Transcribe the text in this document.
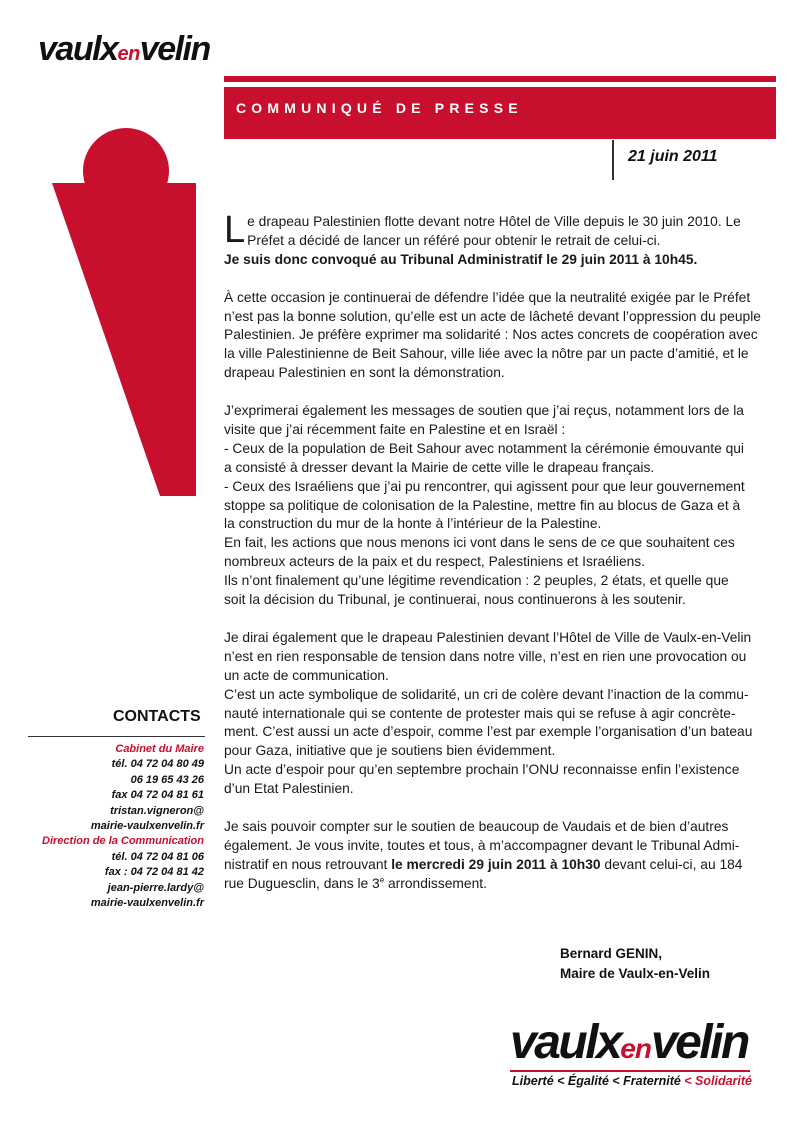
vaulxenvelin
COMMUNIQUÉ DE PRESSE
21 juin 2011

L e drapeau Palestinien flotte devant notre Hôtel de Ville depuis le 30 juin 2010. Le
Préfet a décidé de lancer un référé pour obtenir le retrait de celui-ci.
Je suis donc convoqué au Tribunal Administratif le 29 juin 2011 à 10h45.

À cette occasion je continuerai de défendre l’idée que la neutralité exigée par le Préfet
n’est pas la bonne solution, qu’elle est un acte de lâcheté devant l’oppression du peuple
Palestinien. Je préfère exprimer ma solidarité : Nos actes concrets de coopération avec
la ville Palestinienne de Beit Sahour, ville liée avec la nôtre par un pacte d’amitié, et le
drapeau Palestinien en sont la démonstration.

J’exprimerai également les messages de soutien que j’ai reçus, notamment lors de la
visite que j’ai récemment faite en Palestine et en Israël :
- Ceux de la population de Beit Sahour avec notamment la cérémonie émouvante qui
a consisté à dresser devant la Mairie de cette ville le drapeau français.
- Ceux des Israéliens que j’ai pu rencontrer, qui agissent pour que leur gouvernement
stoppe sa politique de colonisation de la Palestine, mettre fin au blocus de Gaza et à
la construction du mur de la honte à l’intérieur de la Palestine.
En fait, les actions que nous menons ici vont dans le sens de ce que souhaitent ces
nombreux acteurs de la paix et du respect, Palestiniens et Israéliens.
Ils n’ont finalement qu’une légitime revendication : 2 peuples, 2 états, et quelle que
soit la décision du Tribunal, je continuerai, nous continuerons à les soutenir.

Je dirai également que le drapeau Palestinien devant l’Hôtel de Ville de Vaulx-en-Velin
n’est en rien responsable de tension dans notre ville, n’est en rien une provocation ou
un acte de communication.
C’est un acte symbolique de solidarité, un cri de colère devant l’inaction de la commu-
nauté internationale qui se contente de protester mais qui se refuse à agir concrète-
ment. C’est aussi un acte d’espoir, comme l’est par exemple l’organisation d’un bateau
pour Gaza, initiative que je soutiens bien évidemment.
Un acte d’espoir pour qu’en septembre prochain l’ONU reconnaisse enfin l’existence
d’un Etat Palestinien.

Je sais pouvoir compter sur le soutien de beaucoup de Vaudais et de bien d’autres
également. Je vous invite, toutes et tous, à m’accompagner devant le Tribunal Admi-
nistratif en nous retrouvant le mercredi 29 juin 2011 à 10h30 devant celui-ci, au 184
rue Duguesclin, dans le 3e arrondissement.

CONTACTS
Cabinet du Maire
tél. 04 72 04 80 49
06 19 65 43 26
fax 04 72 04 81 61
tristan.vigneron@
mairie-vaulxenvelin.fr
Direction de la Communication
tél. 04 72 04 81 06
fax : 04 72 04 81 42
jean-pierre.lardy@
mairie-vaulxenvelin.fr
Bernard GENIN,
Maire de Vaulx-en-Velin
vaulxenvelin
Liberté < Égalité < Fraternité < Solidarité
